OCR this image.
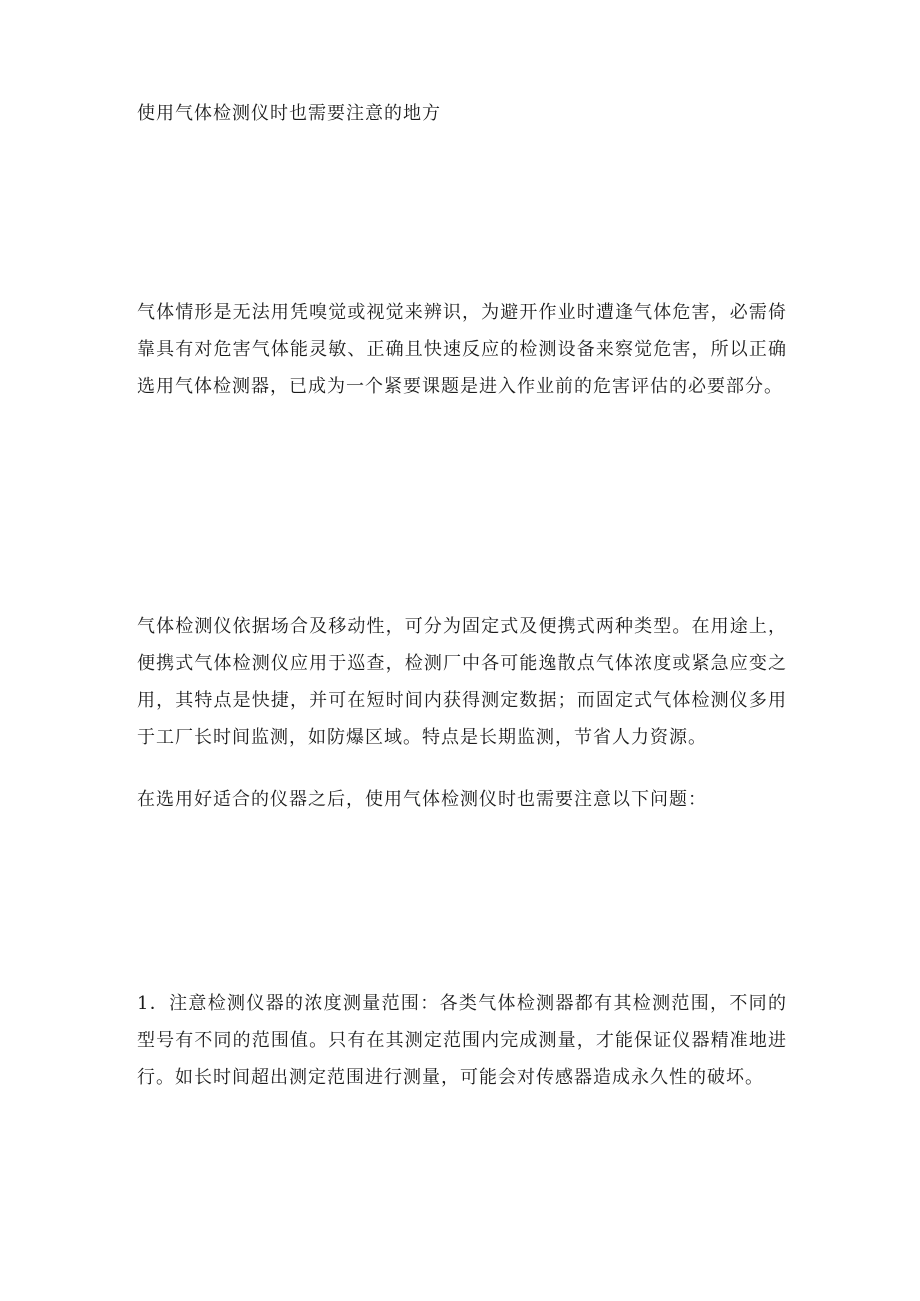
使用气体检测仪时也需要注意的地方

气体情形是无法用凭嗅觉或视觉来辨识，为避开作业时遭逢气体危害，必需倚靠具有对危害气体能灵敏、正确且快速反应的检测设备来察觉危害，所以正确选用气体检测器，已成为一个紧要课题是进入作业前的危害评估的必要部分。

气体检测仪依据场合及移动性，可分为固定式及便携式两种类型。在用途上，便携式气体检测仪应用于巡查，检测厂中各可能逸散点气体浓度或紧急应变之用，其特点是快捷，并可在短时间内获得测定数据；而固定式气体检测仪多用于工厂长时间监测，如防爆区域。特点是长期监测，节省人力资源。

在选用好适合的仪器之后，使用气体检测仪时也需要注意以下问题：

1．注意检测仪器的浓度测量范围：各类气体检测器都有其检测范围，不同的型号有不同的范围值。只有在其测定范围内完成测量，才能保证仪器精准地进行。如长时间超出测定范围进行测量，可能会对传感器造成永久性的破坏。
